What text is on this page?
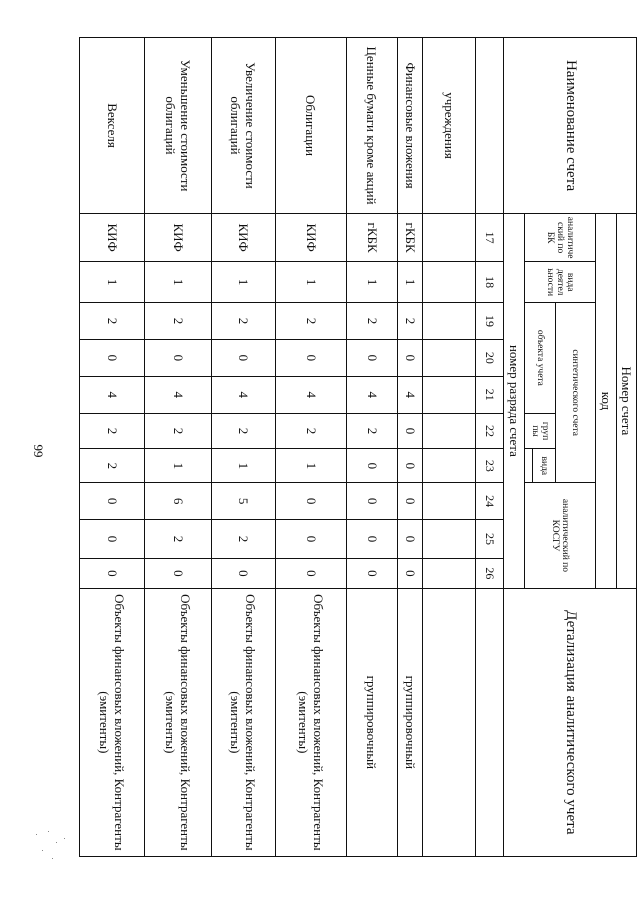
99
Наименование счета	Номер счета										Детализация аналитического учета
	код										
	аналитиче ский по БК	вида деятел ьности	синтетического счета					аналитический по КОСГУ			
			объекта учета			груп пы	вида				

	номер разряда счета										
	17	18	19	20	21	22	23	24	25	26	
учреждения											
Финансовые вложения	гКБК	1	2	0	4	0	0	0	0	0	группировочный
Ценные бумаги кроме акций	гКБК	1	2	0	4	2	0	0	0	0	группировочный
Облигации	КИФ	1	2	0	4	2	1	0	0	0	Объекты финансовых вложений, Контрагенты (эмитенты)
Увеличение стоимости облигаций	КИФ	1	2	0	4	2	1	5	2	0	Объекты финансовых вложений, Контрагенты (эмитенты)
Уменьшение стоимости облигаций	КИФ	1	2	0	4	2	1	6	2	0	Объекты финансовых вложений, Контрагенты (эмитенты)
Векселя	КИФ	1	2	0	4	2	2	0	0	0	Объекты финансовых вложений, Контрагенты (эмитенты)
